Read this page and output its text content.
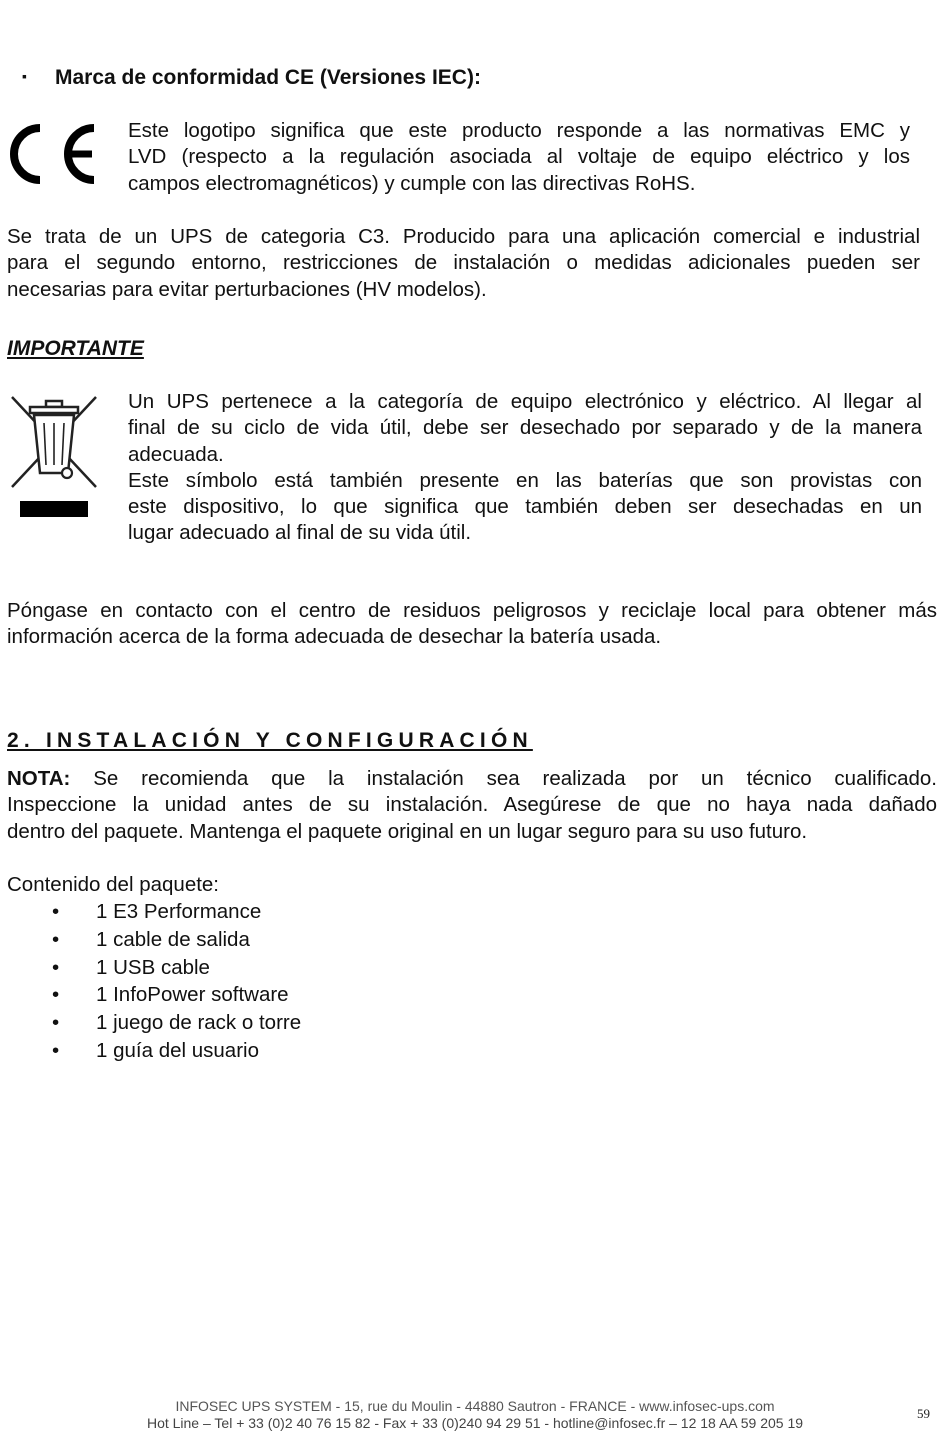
▪ Marca de conformidad CE (Versiones IEC):
Este logotipo significa que este producto responde a las normativas EMC y
LVD (respecto a la regulación asociada al voltaje de equipo eléctrico y los
campos electromagnéticos) y cumple con las directivas RoHS.
Se trata de un UPS de categoria C3. Producido para una aplicación comercial e industrial
para el segundo entorno, restricciones de instalación o medidas adicionales pueden ser
necesarias para evitar perturbaciones (HV modelos).
IMPORTANTE
Un UPS pertenece a la categoría de equipo electrónico y eléctrico. Al llegar al
final de su ciclo de vida útil, debe ser desechado por separado y de la manera
adecuada.
Este símbolo está también presente en las baterías que son provistas con
este dispositivo, lo que significa que también deben ser desechadas en un
lugar adecuado al final de su vida útil.
Póngase en contacto con el centro de residuos peligrosos y reciclaje local para obtener más
información acerca de la forma adecuada de desechar la batería usada.
2. INSTALACIÓN Y CONFIGURACIÓN
NOTA: Se recomienda que la instalación sea realizada por un técnico cualificado.
Inspeccione la unidad antes de su instalación. Asegúrese de que no haya nada dañado
dentro del paquete. Mantenga el paquete original en un lugar seguro para su uso futuro.
Contenido del paquete:
• 1 E3 Performance
• 1 cable de salida
• 1 USB cable
• 1 InfoPower software
• 1 juego de rack o torre
• 1 guía del usuario
INFOSEC UPS SYSTEM - 15, rue du Moulin - 44880 Sautron - FRANCE - www.infosec-ups.com
Hot Line – Tel + 33 (0)2 40 76 15 82 - Fax + 33 (0)240 94 29 51 - hotline@infosec.fr – 12 18 AA 59 205 19
59
